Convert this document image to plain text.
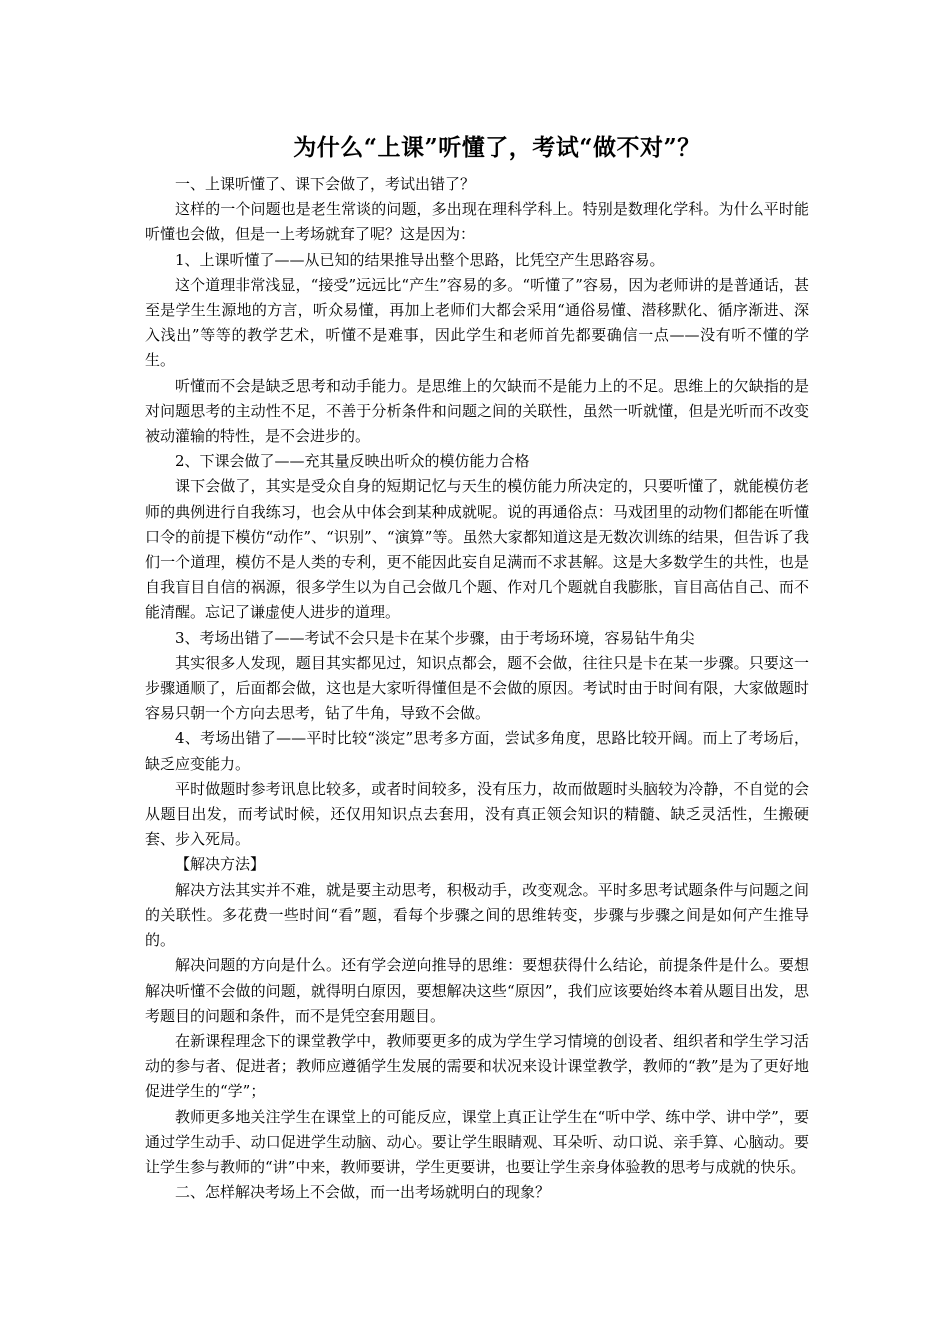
为什么“上课”听懂了，考试“做不对”？

一、上课听懂了、课下会做了，考试出错了？

这样的一个问题也是老生常谈的问题，多出现在理科学科上。特别是数理化学科。为什么平时能听懂也会做，但是一上考场就耷了呢？这是因为：

1、上课听懂了——从已知的结果推导出整个思路，比凭空产生思路容易。

这个道理非常浅显，“接受”远远比“产生”容易的多。“听懂了”容易，因为老师讲的是普通话，甚至是学生生源地的方言，听众易懂，再加上老师们大都会采用“通俗易懂、潜移默化、循序渐进、深入浅出”等等的教学艺术，听懂不是难事，因此学生和老师首先都要确信一点——没有听不懂的学生。

听懂而不会是缺乏思考和动手能力。是思维上的欠缺而不是能力上的不足。思维上的欠缺指的是对问题思考的主动性不足，不善于分析条件和问题之间的关联性，虽然一听就懂，但是光听而不改变被动灌输的特性，是不会进步的。

2、下课会做了——充其量反映出听众的模仿能力合格

课下会做了，其实是受众自身的短期记忆与天生的模仿能力所决定的，只要听懂了，就能模仿老师的典例进行自我练习，也会从中体会到某种成就呢。说的再通俗点：马戏团里的动物们都能在听懂口令的前提下模仿“动作”、“识别”、“演算”等。虽然大家都知道这是无数次训练的结果，但告诉了我们一个道理，模仿不是人类的专利，更不能因此妄自足满而不求甚解。这是大多数学生的共性，也是自我盲目自信的祸源，很多学生以为自己会做几个题、作对几个题就自我膨胀，盲目高估自己、而不能清醒。忘记了谦虚使人进步的道理。

3、考场出错了——考试不会只是卡在某个步骤，由于考场环境，容易钻牛角尖

其实很多人发现，题目其实都见过，知识点都会，题不会做，往往只是卡在某一步骤。只要这一步骤通顺了，后面都会做，这也是大家听得懂但是不会做的原因。考试时由于时间有限，大家做题时容易只朝一个方向去思考，钻了牛角，导致不会做。

4、考场出错了——平时比较“淡定”思考多方面，尝试多角度，思路比较开阔。而上了考场后，缺乏应变能力。

平时做题时参考讯息比较多，或者时间较多，没有压力，故而做题时头脑较为冷静，不自觉的会从题目出发，而考试时候，还仅用知识点去套用，没有真正领会知识的精髓、缺乏灵活性，生搬硬套、步入死局。

【解决方法】

解决方法其实并不难，就是要主动思考，积极动手，改变观念。平时多思考试题条件与问题之间的关联性。多花费一些时间“看”题，看每个步骤之间的思维转变，步骤与步骤之间是如何产生推导的。

解决问题的方向是什么。还有学会逆向推导的思维：要想获得什么结论，前提条件是什么。要想解决听懂不会做的问题，就得明白原因，要想解决这些“原因”，我们应该要始终本着从题目出发，思考题目的问题和条件，而不是凭空套用题目。

在新课程理念下的课堂教学中，教师要更多的成为学生学习情境的创设者、组织者和学生学习活动的参与者、促进者；教师应遵循学生发展的需要和状况来设计课堂教学，教师的“教”是为了更好地促进学生的“学”；

教师更多地关注学生在课堂上的可能反应，课堂上真正让学生在“听中学、练中学、讲中学”，要通过学生动手、动口促进学生动脑、动心。要让学生眼睛观、耳朵听、动口说、亲手算、心脑动。要让学生参与教师的“讲”中来，教师要讲，学生更要讲，也要让学生亲身体验教的思考与成就的快乐。

二、怎样解决考场上不会做，而一出考场就明白的现象？
